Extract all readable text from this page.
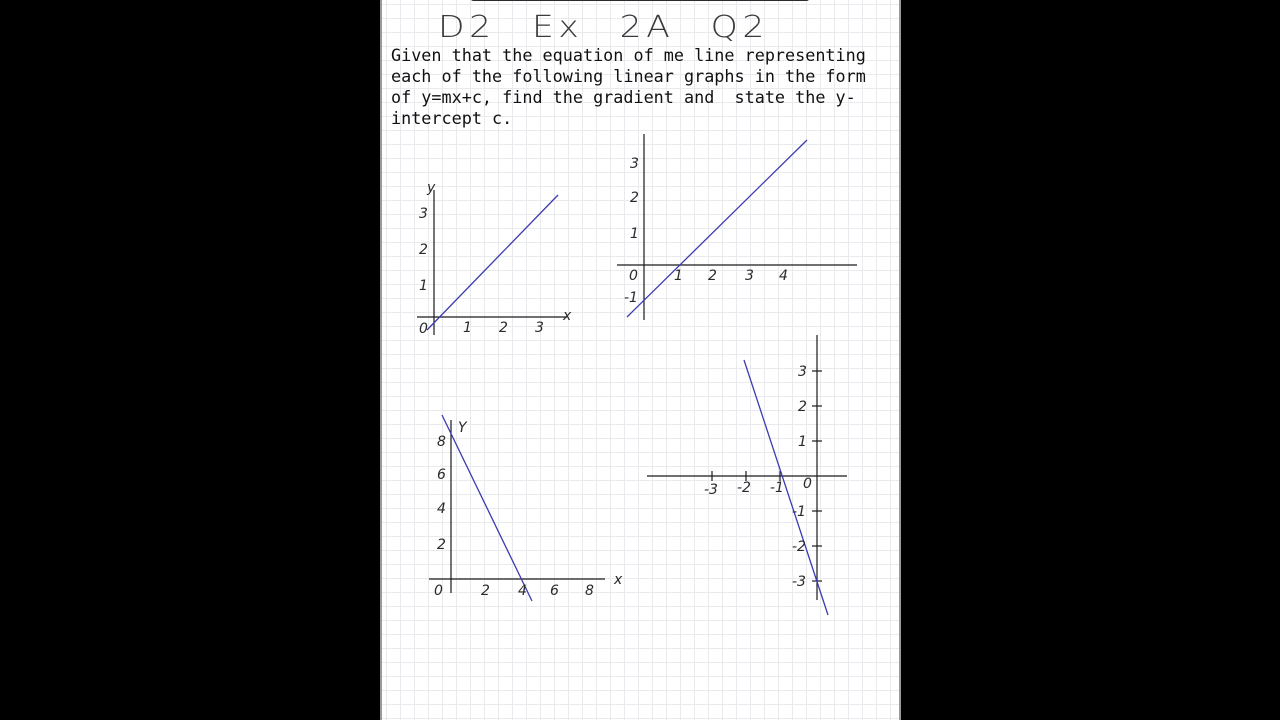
D2 Ex 2A Q2
Given that the equation of me line representing
each of the following linear graphs in the form
of y=mx+c, find the gradient and  state the y-
intercept c.
y
x
0	1 2 3
1
2
3
0	1 2 3 4
-1
1
2
3
Y
x
0	2 4 6 8
2
4
6
8
0
-3 -2 -1
-3
-2
-1
1
2
3
